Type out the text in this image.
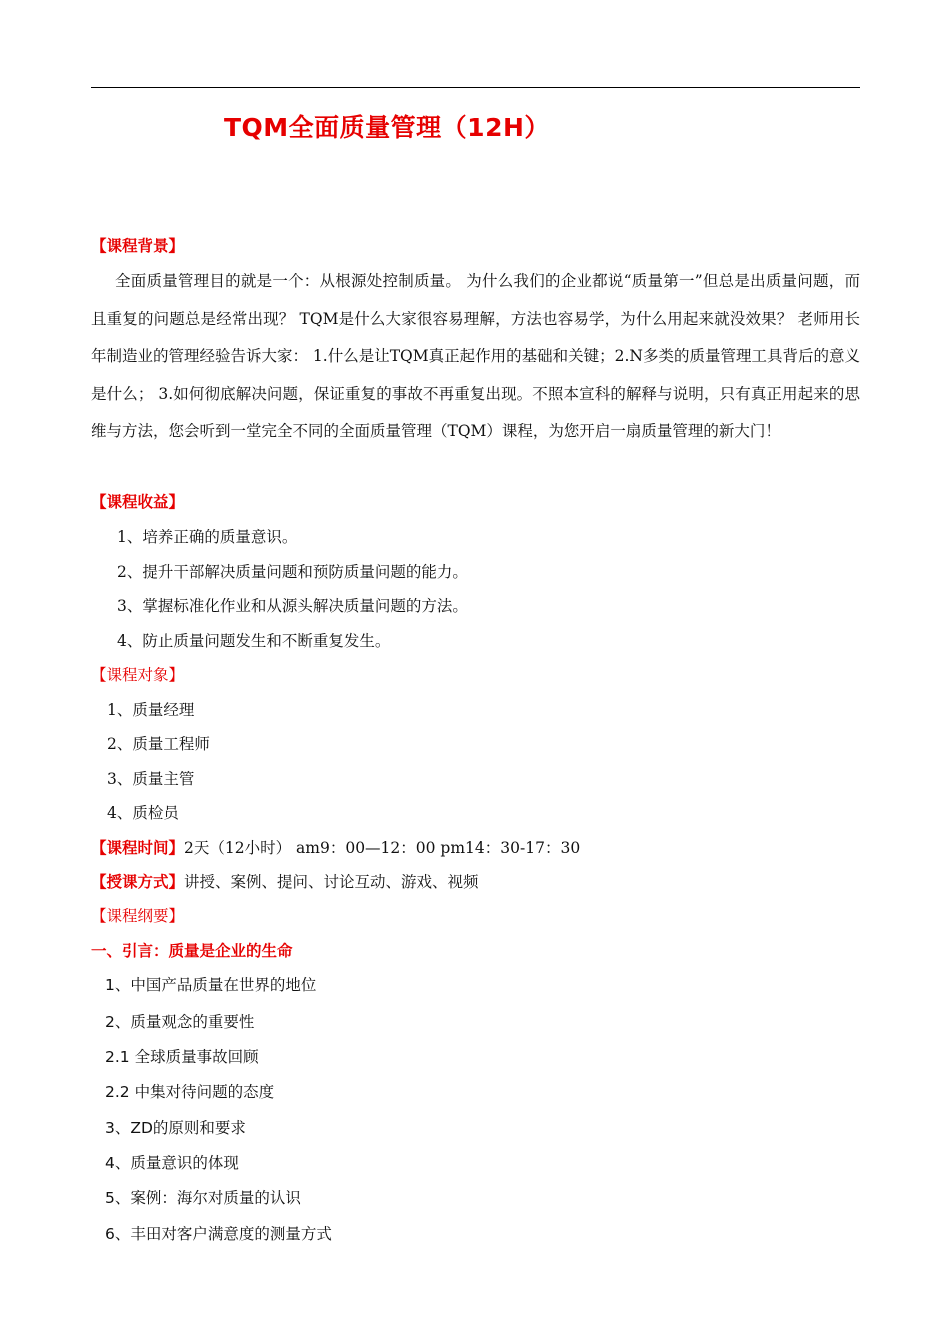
TQM全面质量管理（12H）
【课程背景】

全面质量管理目的就是一个：从根源处控制质量。 为什么我们的企业都说“质量第一”但总是出质量问题，而且重复的问题总是经常出现？ TQM是什么大家很容易理解，方法也容易学，为什么用起来就没效果？ 老师用长年制造业的管理经验告诉大家： 1.什么是让TQM真正起作用的基础和关键；2.N多类的质量管理工具背后的意义是什么； 3.如何彻底解决问题，保证重复的事故不再重复出现。不照本宣科的解释与说明，只有真正用起来的思维与方法，您会听到一堂完全不同的全面质量管理（TQM）课程，为您开启一扇质量管理的新大门！

【课程收益】
1、培养正确的质量意识。
2、提升干部解决质量问题和预防质量问题的能力。
3、掌握标准化作业和从源头解决质量问题的方法。
4、防止质量问题发生和不断重复发生。
【课程对象】
1、质量经理
2、质量工程师
3、质量主管
4、质检员
【课程时间】2天（12小时） am9：00—12：00 pm14：30-17：30
【授课方式】讲授、案例、提问、讨论互动、游戏、视频
【课程纲要】
一、引言：质量是企业的生命
1、中国产品质量在世界的地位
2、质量观念的重要性
2.1 全球质量事故回顾
2.2 中集对待问题的态度
3、ZD的原则和要求
4、质量意识的体现
5、案例：海尔对质量的认识
6、丰田对客户满意度的测量方式
